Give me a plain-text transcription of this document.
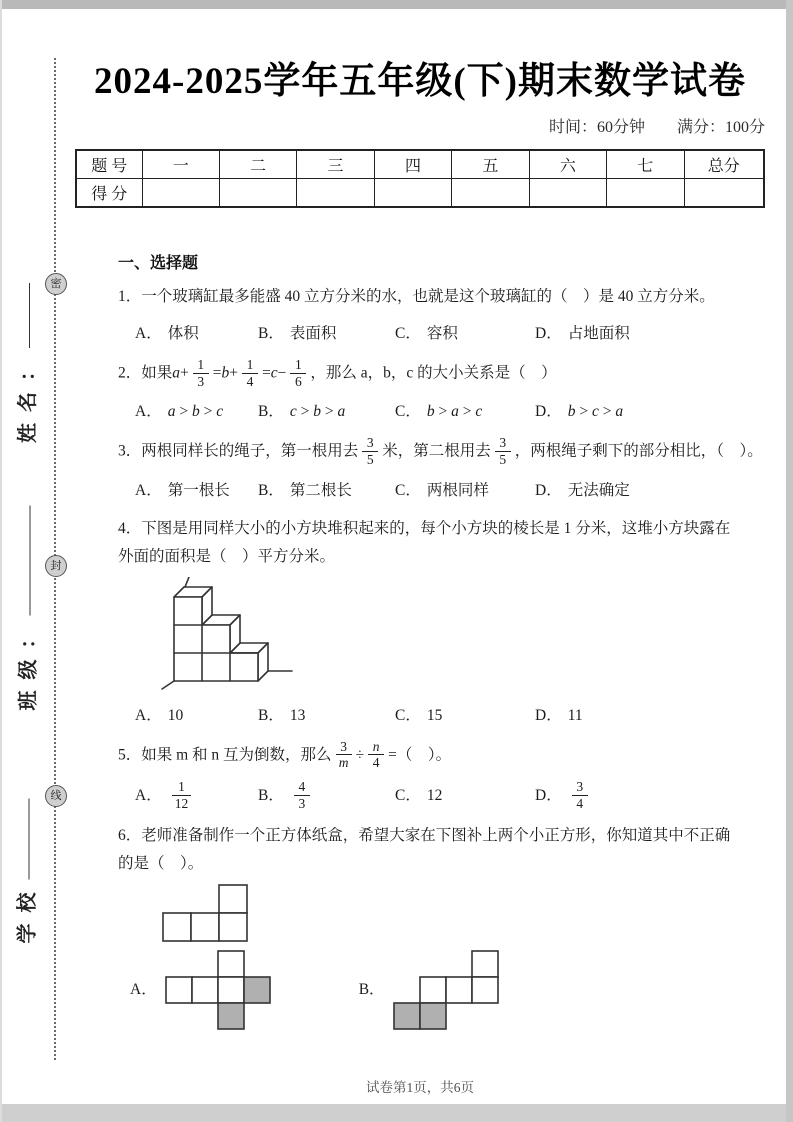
密
封
线
姓名：
班级：
学校
2024-2025学年五年级(下)期末数学试卷
时间：60分钟 满分：100分
题 号	一	二	三	四	五	六	七	总分
得 分								
一、选择题
1．一个玻璃缸最多能盛 40 立方分米的水，也就是这个玻璃缸的（　）是 40 立方分米。
A． 体积	B． 表面积	C． 容积	D． 占地面积
2．如果$a+ \frac{1}{3} =b+ \frac{1}{4} =c- \frac{1}{6}$ ，那么 a，b，c 的大小关系是（　）
A． a > b > c B． c > b > a	C． b > a > c	D． b > c > a
3．两根同样长的绳子，第一根用去 $\frac{3}{5}$ 米，第二根用去 $\frac{3}{5}$ ，两根绳子剩下的部分相比，（　）。
A． 第一根长 B． 第二根长	C． 两根同样	D． 无法确定
4．下图是用同样大小的小方块堆积起来的，每个小方块的棱长是 1 分米，这堆小方块露在
外面的面积是（　）平方分米。
A． 10	B． 13	C． 15	D． 11
5．如果 m 和 n 互为倒数，那么 $\frac{3}{m} \div \frac{n}{4}$ =（　）。
A． $\frac{1}{12}$	B． $\frac{4}{3}$	C． 12	D． $\frac{3}{4}$
6．老师准备制作一个正方体纸盒，希望大家在下图补上两个小正方形，你知道其中不正确
的是（　）。
A．	B．
试卷第1页，共6页
